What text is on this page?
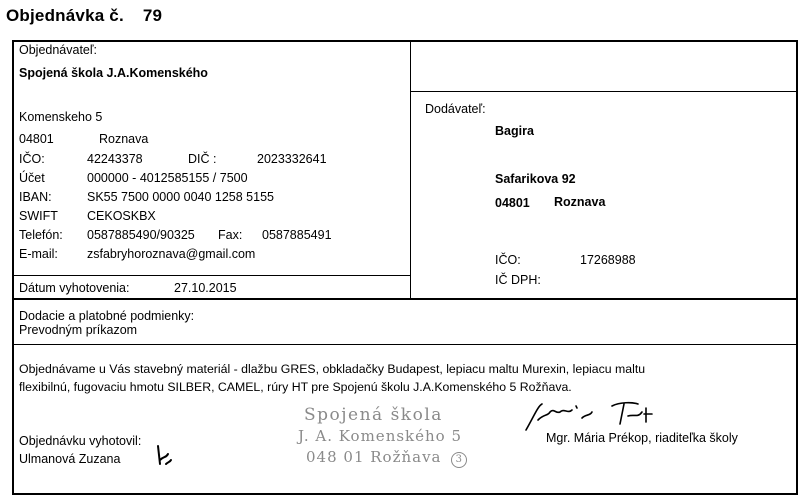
Objednávka č. 79
Objednávateľ:
Spojená škola J.A.Komenského
Komenskeho 5
04801	Roznava
IČO:	42243378	DIČ :	2023332641
Účet	000000 - 4012585155 / 7500
IBAN:	SK55 7500 0000 0040 1258 5155
SWIFT CEKOSKBX
Telefón: 0587885490/90325 Fax: 0587885491
E-mail: zsfabryhoroznava@gmail.com
Dátum vyhotovenia:	27.10.2015
Dodávateľ:
Bagira
Safarikova 92
04801 Roznava
IČO:	17268988
IČ DPH:
Dodacie a platobné podmienky:
Prevodným príkazom
Objednávame u Vás stavebný materiál - dlažbu GRES, obkladačky Budapest, lepiacu maltu Murexin, lepiacu maltu
flexibilnú, fugovaciu hmotu SILBER, CAMEL, rúry HT pre Spojenú školu J.A.Komenského 5 Rožňava.
Objednávku vyhotovil:
Ulmanová Zuzana
Spojená škola
J. A. Komenského 5
048 01 Rožňava 3
Mgr. Mária Prékop, riaditeľka školy
